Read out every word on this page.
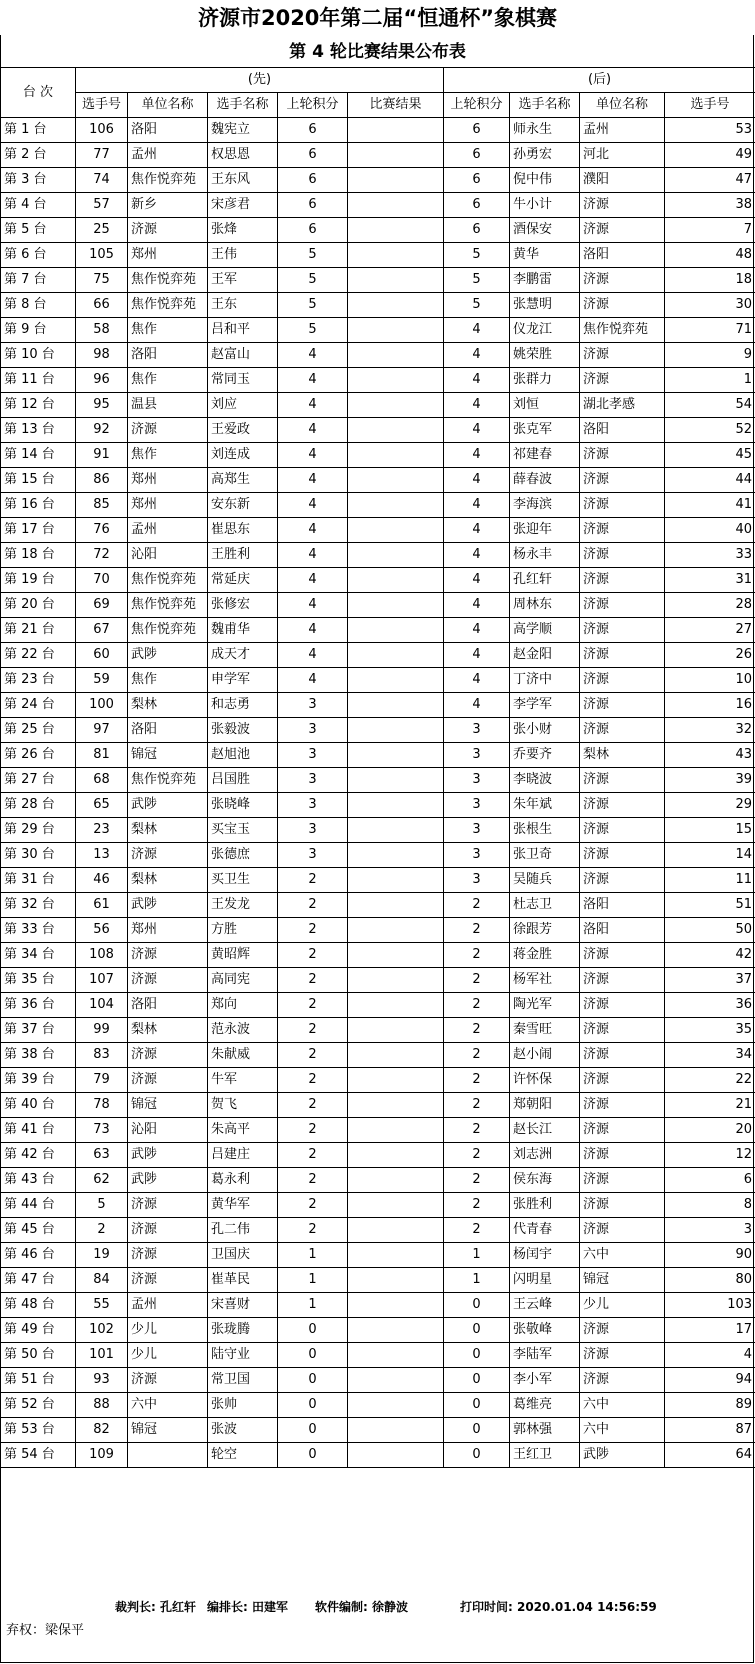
济源市2020年第二届“恒通杯”象棋赛
第 4 轮比赛结果公布表
台 次	(先)					(后)			
	选手号	单位名称	选手名称	上轮积分	比赛结果	上轮积分	选手名称	单位名称	选手号
第 1 台	106	洛阳	魏宪立	6		6	师永生	孟州	53
第 2 台	77	孟州	权思恩	6		6	孙勇宏	河北	49
第 3 台	74	焦作悦弈苑	王东风	6		6	倪中伟	濮阳	47
第 4 台	57	新乡	宋彦君	6		6	牛小计	济源	38
第 5 台	25	济源	张烽	6		6	酒保安	济源	7
第 6 台	105	郑州	王伟	5		5	黄华	洛阳	48
第 7 台	75	焦作悦弈苑	王军	5		5	李鹏雷	济源	18
第 8 台	66	焦作悦弈苑	王东	5		5	张慧明	济源	30
第 9 台	58	焦作	吕和平	5		4	仪龙江	焦作悦弈苑	71
第 10 台	98	洛阳	赵富山	4		4	姚荣胜	济源	9
第 11 台	96	焦作	常同玉	4		4	张群力	济源	1
第 12 台	95	温县	刘应	4		4	刘恒	湖北孝感	54
第 13 台	92	济源	王爱政	4		4	张克军	洛阳	52
第 14 台	91	焦作	刘连成	4		4	祁建春	济源	45
第 15 台	86	郑州	高郑生	4		4	薛春波	济源	44
第 16 台	85	郑州	安东新	4		4	李海滨	济源	41
第 17 台	76	孟州	崔思东	4		4	张迎年	济源	40
第 18 台	72	沁阳	王胜利	4		4	杨永丰	济源	33
第 19 台	70	焦作悦弈苑	常延庆	4		4	孔红轩	济源	31
第 20 台	69	焦作悦弈苑	张修宏	4		4	周林东	济源	28
第 21 台	67	焦作悦弈苑	魏甫华	4		4	高学顺	济源	27
第 22 台	60	武陟	成天才	4		4	赵金阳	济源	26
第 23 台	59	焦作	申学军	4		4	丁济中	济源	10
第 24 台	100	梨林	和志勇	3		4	李学军	济源	16
第 25 台	97	洛阳	张毅波	3		3	张小财	济源	32
第 26 台	81	锦冠	赵旭池	3		3	乔要齐	梨林	43
第 27 台	68	焦作悦弈苑	吕国胜	3		3	李晓波	济源	39
第 28 台	65	武陟	张晓峰	3		3	朱年斌	济源	29
第 29 台	23	梨林	买宝玉	3		3	张根生	济源	15
第 30 台	13	济源	张德庶	3		3	张卫奇	济源	14
第 31 台	46	梨林	买卫生	2		3	吴随兵	济源	11
第 32 台	61	武陟	王发龙	2		2	杜志卫	洛阳	51
第 33 台	56	郑州	方胜	2		2	徐跟芳	洛阳	50
第 34 台	108	济源	黄昭辉	2		2	蒋金胜	济源	42
第 35 台	107	济源	高同宪	2		2	杨军社	济源	37
第 36 台	104	洛阳	郑向	2		2	陶光军	济源	36
第 37 台	99	梨林	范永波	2		2	秦雪旺	济源	35
第 38 台	83	济源	朱献威	2		2	赵小闹	济源	34
第 39 台	79	济源	牛军	2		2	许怀保	济源	22
第 40 台	78	锦冠	贺飞	2		2	郑朝阳	济源	21
第 41 台	73	沁阳	朱高平	2		2	赵长江	济源	20
第 42 台	63	武陟	吕建庄	2		2	刘志洲	济源	12
第 43 台	62	武陟	葛永利	2		2	侯东海	济源	6
第 44 台	5	济源	黄华军	2		2	张胜利	济源	8
第 45 台	2	济源	孔二伟	2		2	代青春	济源	3
第 46 台	19	济源	卫国庆	1		1	杨闰宇	六中	90
第 47 台	84	济源	崔革民	1		1	闪明星	锦冠	80
第 48 台	55	孟州	宋喜财	1		0	王云峰	少儿	103
第 49 台	102	少儿	张珑腾	0		0	张敬峰	济源	17
第 50 台	101	少儿	陆守业	0		0	李陆军	济源	4
第 51 台	93	济源	常卫国	0		0	李小军	济源	94
第 52 台	88	六中	张帅	0		0	葛维亮	六中	89
第 53 台	82	锦冠	张波	0		0	郭林强	六中	87
第 54 台	109		轮空	0		0	王红卫	武陟	64
裁判长: 孔红轩 编排长: 田建军 软件编制: 徐静波	打印时间: 2020.01.04 14:56:59
弃权：梁保平
